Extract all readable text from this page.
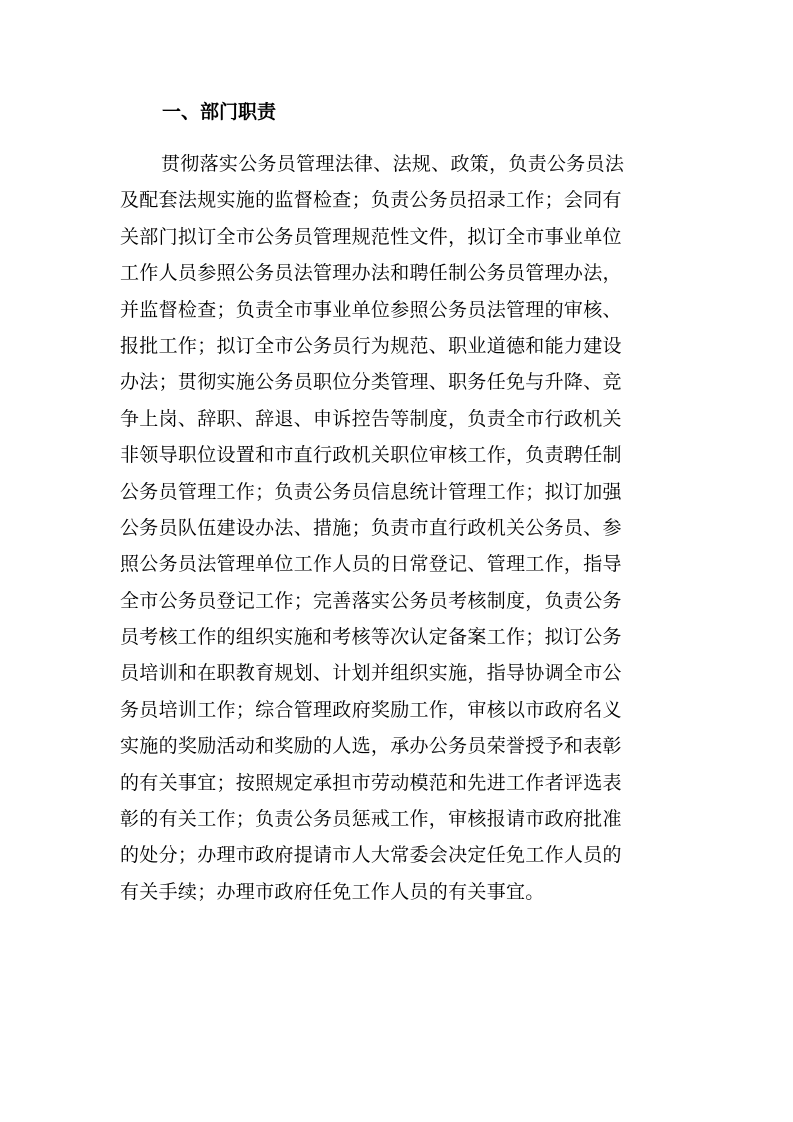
一、部门职责
贯彻落实公务员管理法律、法规、政策，负责公务员法
及配套法规实施的监督检查；负责公务员招录工作；会同有
关部门拟订全市公务员管理规范性文件，拟订全市事业单位
工作人员参照公务员法管理办法和聘任制公务员管理办法，
并监督检查；负责全市事业单位参照公务员法管理的审核、
报批工作；拟订全市公务员行为规范、职业道德和能力建设
办法；贯彻实施公务员职位分类管理、职务任免与升降、竞
争上岗、辞职、辞退、申诉控告等制度，负责全市行政机关
非领导职位设置和市直行政机关职位审核工作，负责聘任制
公务员管理工作；负责公务员信息统计管理工作；拟订加强
公务员队伍建设办法、措施；负责市直行政机关公务员、参
照公务员法管理单位工作人员的日常登记、管理工作，指导
全市公务员登记工作；完善落实公务员考核制度，负责公务
员考核工作的组织实施和考核等次认定备案工作；拟订公务
员培训和在职教育规划、计划并组织实施，指导协调全市公
务员培训工作；综合管理政府奖励工作，审核以市政府名义
实施的奖励活动和奖励的人选，承办公务员荣誉授予和表彰
的有关事宜；按照规定承担市劳动模范和先进工作者评选表
彰的有关工作；负责公务员惩戒工作，审核报请市政府批准
的处分；办理市政府提请市人大常委会决定任免工作人员的
有关手续；办理市政府任免工作人员的有关事宜。
